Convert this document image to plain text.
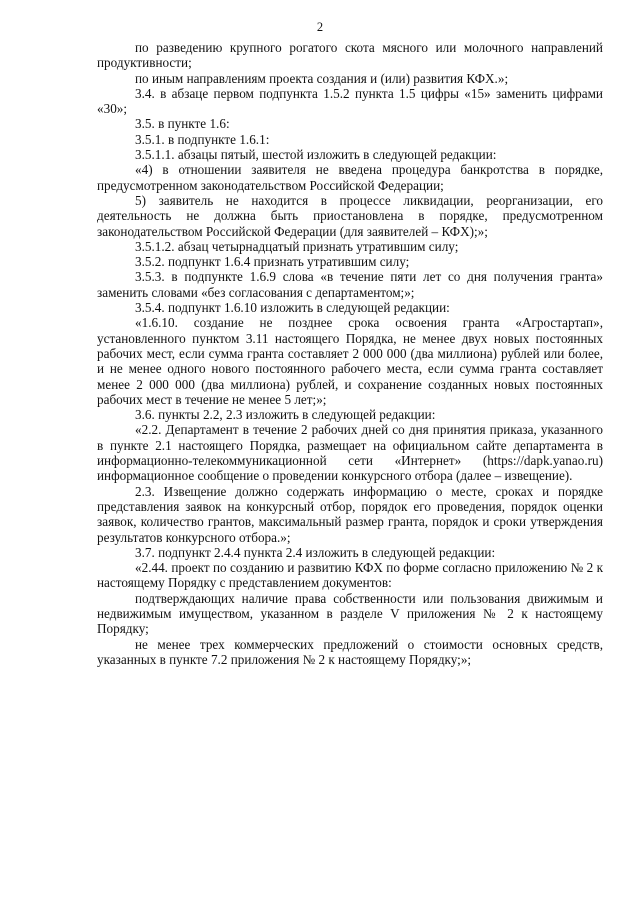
2

по разведению крупного рогатого скота мясного или молочного направлений продуктивности;

по иным направлениям проекта создания и (или) развития КФХ.»;

3.4. в абзаце первом подпункта 1.5.2 пункта 1.5 цифры «15» заменить цифрами «30»;

3.5. в пункте 1.6:

3.5.1. в подпункте 1.6.1:

3.5.1.1. абзацы пятый, шестой изложить в следующей редакции:

«4) в отношении заявителя не введена процедура банкротства в порядке, предусмотренном законодательством Российской Федерации;

5) заявитель не находится в процессе ликвидации, реорганизации, его деятельность не должна быть приостановлена в порядке, предусмотренном законодательством Российской Федерации (для заявителей – КФХ);»;

3.5.1.2. абзац четырнадцатый признать утратившим силу;

3.5.2. подпункт 1.6.4 признать утратившим силу;

3.5.3. в подпункте 1.6.9 слова «в течение пяти лет со дня получения гранта» заменить словами «без согласования с департаментом;»;

3.5.4. подпункт 1.6.10 изложить в следующей редакции:

«1.6.10. создание не позднее срока освоения гранта «Агростартап», установленного пунктом 3.11 настоящего Порядка, не менее двух новых постоянных рабочих мест, если сумма гранта составляет 2 000 000 (два миллиона) рублей или более, и не менее одного нового постоянного рабочего места, если сумма гранта составляет менее 2 000 000 (два миллиона) рублей, и сохранение созданных новых постоянных рабочих мест в течение не менее 5 лет;»;

3.6. пункты 2.2, 2.3 изложить в следующей редакции:

«2.2. Департамент в течение 2 рабочих дней со дня принятия приказа, указанного в пункте 2.1 настоящего Порядка, размещает на официальном сайте департамента в информационно-телекоммуникационной сети «Интернет» (https://dapk.yanao.ru) информационное сообщение о проведении конкурсного отбора (далее – извещение).

2.3. Извещение должно содержать информацию о месте, сроках и порядке представления заявок на конкурсный отбор, порядок его проведения, порядок оценки заявок, количество грантов, максимальный размер гранта, порядок и сроки утверждения результатов конкурсного отбора.»;

3.7. подпункт 2.4.4 пункта 2.4 изложить в следующей редакции:

«2.44. проект по созданию и развитию КФХ по форме согласно приложению № 2 к настоящему Порядку с представлением документов:

подтверждающих наличие права собственности или пользования движимым и недвижимым имуществом, указанном в разделе V приложения № 2 к настоящему Порядку;

не менее трех коммерческих предложений о стоимости основных средств, указанных в пункте 7.2 приложения № 2 к настоящему Порядку;»;
